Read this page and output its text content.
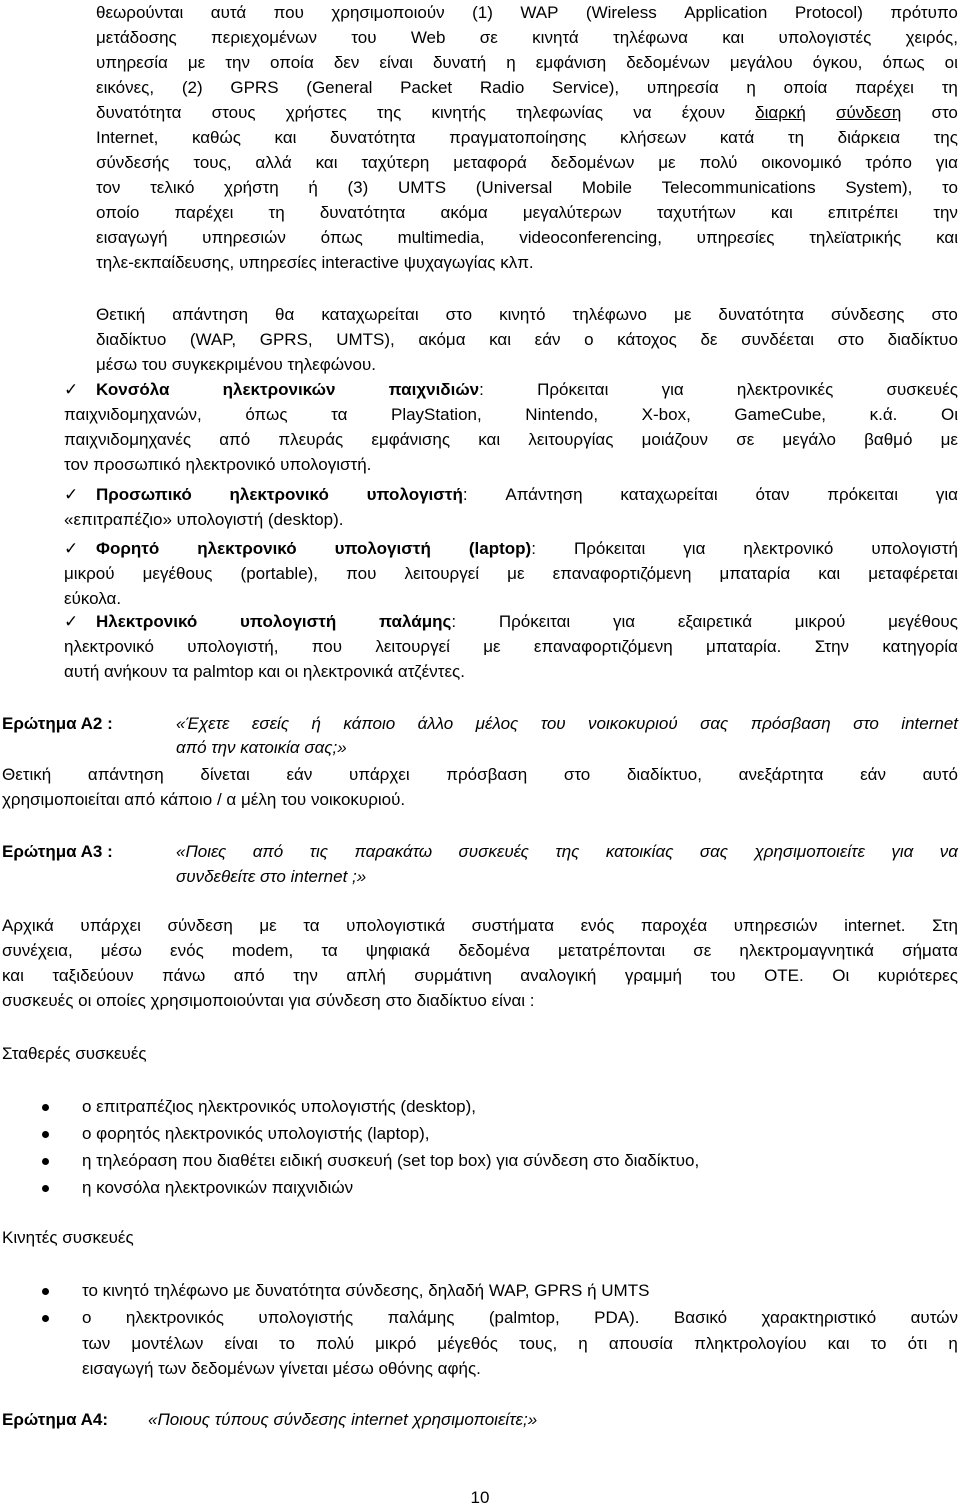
θεωρούνται αυτά που χρησιμοποιούν (1) WAP (Wireless Application Protocol) πρότυπο
μετάδοσης περιεχομένων του Web σε κινητά τηλέφωνα και υπολογιστές χειρός,
υπηρεσία με την οποία δεν είναι δυνατή η εμφάνιση δεδομένων μεγάλου όγκου, όπως οι
εικόνες, (2) GPRS (General Packet Radio Service), υπηρεσία η οποία παρέχει τη
δυνατότητα στους χρήστες της κινητής τηλεφωνίας να έχουν διαρκή σύνδεση στο
Internet, καθώς και δυνατότητα πραγματοποίησης κλήσεων κατά τη διάρκεια της
σύνδεσής τους, αλλά και ταχύτερη μεταφορά δεδομένων με πολύ οικονομικό τρόπο για
τον τελικό χρήστη ή (3) UMTS (Universal Mobile Telecommunications System), το
οποίο παρέχει τη δυνατότητα ακόμα μεγαλύτερων ταχυτήτων και επιτρέπει την
εισαγωγή υπηρεσιών όπως multimedia, videoconferencing, υπηρεσίες τηλεϊατρικής και
τηλε-εκπαίδευσης, υπηρεσίες interactive ψυχαγωγίας κλπ.
Θετική απάντηση θα καταχωρείται στο κινητό τηλέφωνο με δυνατότητα σύνδεσης στο
διαδίκτυο (WAP, GPRS, UMTS), ακόμα και εάν ο κάτοχος δε συνδέεται στο διαδίκτυο
μέσω του συγκεκριμένου τηλεφώνου.
✓ Κονσόλα	ηλεκτρονικών	παιχνιδιών:	Πρόκειται	για	ηλεκτρονικές	συσκευές
παιχνιδομηχανών,	όπως	τα	PlayStation,	Nintendo,	X-box,	GameCube,	κ.ά.	Οι
παιχνιδομηχανές από πλευράς εμφάνισης και λειτουργίας μοιάζουν σε μεγάλο βαθμό με
τον προσωπικό ηλεκτρονικό υπολογιστή.
✓ Προσωπικό ηλεκτρονικό υπολογιστή: Απάντηση καταχωρείται όταν πρόκειται για
«επιτραπέζιο» υπολογιστή (desktop).
✓ Φορητό ηλεκτρονικό υπολογιστή (laptop): Πρόκειται για ηλεκτρονικό υπολογιστή
μικρού μεγέθους (portable), που λειτουργεί με επαναφορτιζόμενη μπαταρία και μεταφέρεται
εύκολα.
✓ Ηλεκτρονικό	υπολογιστή	παλάμης:	Πρόκειται	για	εξαιρετικά	μικρού	μεγέθους
ηλεκτρονικό υπολογιστή, που λειτουργεί με επαναφορτιζόμενη μπαταρία. Στην κατηγορία
αυτή ανήκουν τα palmtop και οι ηλεκτρονικά ατζέντες.
Ερώτημα Α2 :	«Έχετε εσείς ή κάποιο άλλο μέλος του νοικοκυριού σας πρόσβαση στο internet
από την κατοικία σας;»
Θετική απάντηση δίνεται εάν υπάρχει πρόσβαση στο διαδίκτυο, ανεξάρτητα εάν αυτό
χρησιμοποιείται από κάποιο / α μέλη του νοικοκυριού.
Ερώτημα Α3 :	«Ποιες από τις παρακάτω συσκευές της κατοικίας σας χρησιμοποιείτε για να
συνδεθείτε στο internet ;»
Αρχικά υπάρχει σύνδεση με τα υπολογιστικά συστήματα ενός παροχέα υπηρεσιών internet. Στη
συνέχεια, μέσω ενός modem, τα ψηφιακά δεδομένα μετατρέπονται σε ηλεκτρομαγνητικά σήματα
και ταξιδεύουν πάνω από την απλή συρμάτινη αναλογική γραμμή του ΟΤΕ. Οι κυριότερες
συσκευές οι οποίες χρησιμοποιούνται για σύνδεση στο διαδίκτυο είναι :
Σταθερές συσκευές
ο επιτραπέζιος ηλεκτρονικός υπολογιστής (desktop),
ο φορητός ηλεκτρονικός υπολογιστής (laptop),
η τηλεόραση που διαθέτει ειδική συσκευή (set top box) για σύνδεση στο διαδίκτυο,
η κονσόλα ηλεκτρονικών παιχνιδιών
Κινητές συσκευές
το κινητό τηλέφωνο με δυνατότητα σύνδεσης, δηλαδή WAP, GPRS ή UMTS
ο ηλεκτρονικός υπολογιστής παλάμης (palmtop, PDA). Βασικό χαρακτηριστικό αυτών
των μοντέλων είναι το πολύ μικρό μέγεθός τους, η απουσία πληκτρολογίου και το ότι η
εισαγωγή των δεδομένων γίνεται μέσω οθόνης αφής.
Ερώτημα Α4: «Ποιους τύπους σύνδεσης internet χρησιμοποιείτε;»
10
